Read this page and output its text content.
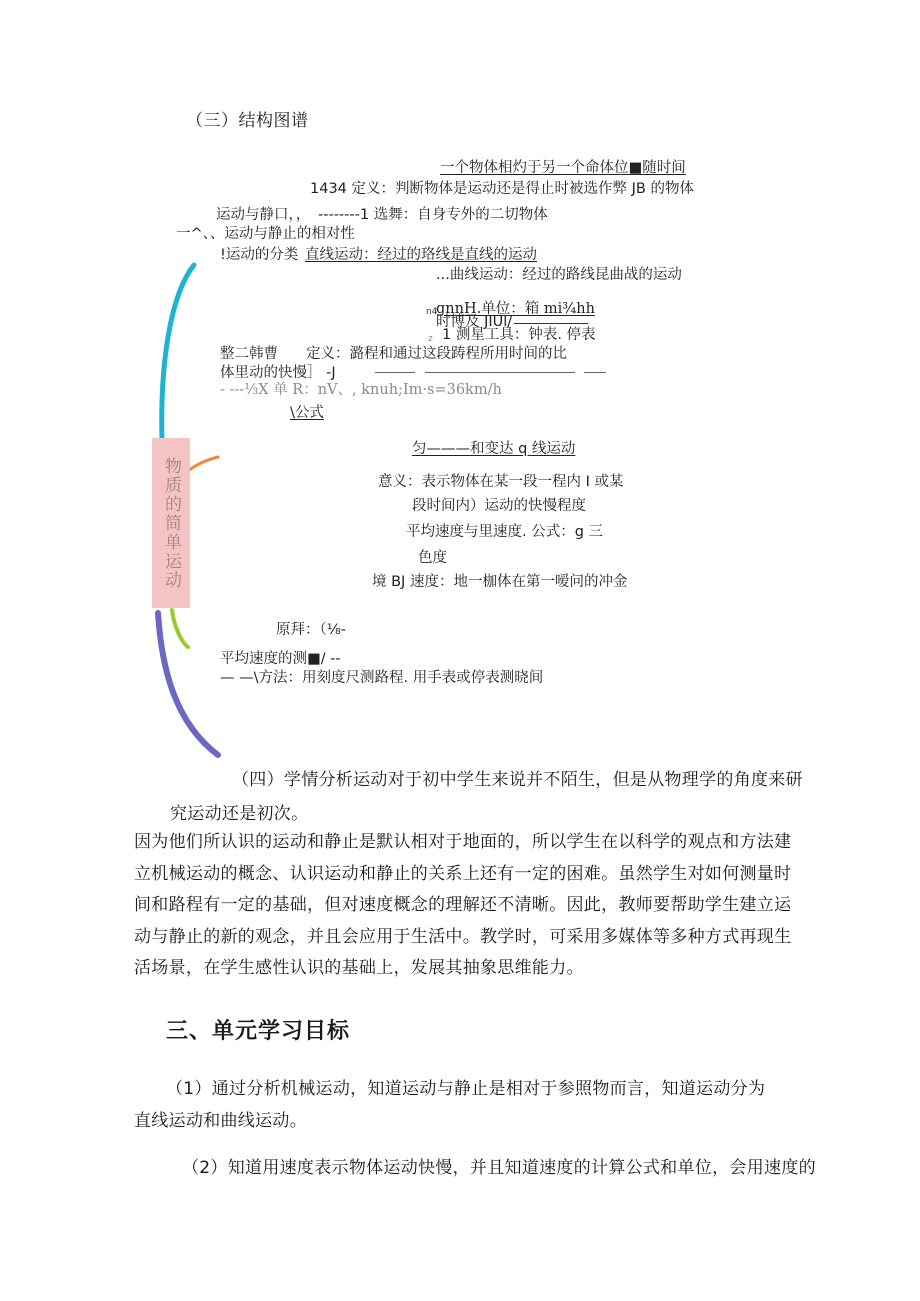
（三）结构图谱
物质的简单运动
一个物体相灼于另一个命体位■随时间
1434 定义：判断物体是运动还是得止时被选作弊 JB 的物体
运动与静口，， --------1 选舞：自身专外的二切物体
一^、、运动与静止的相对性
!运动的分类 直线运动：经过的珞线是直线的运动
...曲线运动：经过的路线昆曲战的运动
n4
gnnH.单位：箱 mi¾hh
时博及 JIUl/
z 1 测星工具：钟表. 停表
整二韩曹 定义：潞程和通过这段踌程所用时间的比
体里动的快慢］ -J
- ---⅓X 单 R：nV、, knuh;Im·s=36km/h
\公式
匀———和变达 q 线运动
意义：表示物体在某一段一程内 I 或某
段时间内）运动的快慢程度
平均速度与里速度. 公式：g 三
色度
境 BJ 速度：地一枷体在第一嗳问的冲金
原拜：（⅛-
平均速度的测■/ --
— —\方法：用刻度尺测路程. 用手表或停表测晓间
（四）学情分析运动对于初中学生来说并不陌生，但是从物理学的角度来研
究运动还是初次。
因为他们所认识的运动和静止是默认相对于地面的，所以学生在以科学的观点和方法建立机械运动的概念、认识运动和静止的关系上还有一定的困难。虽然学生对如何测量时间和路程有一定的基础，但对速度概念的理解还不清晰。因此，教师要帮助学生建立运动与静止的新的观念，并且会应用于生活中。教学时，可采用多媒体等多种方式再现生活场景，在学生感性认识的基础上，发展其抽象思维能力。
三、单元学习目标
（1）通过分析机械运动，知道运动与静止是相对于参照物而言，知道运动分为直线运动和曲线运动。
（2）知道用速度表示物体运动快慢，并且知道速度的计算公式和单位，会用速度的
